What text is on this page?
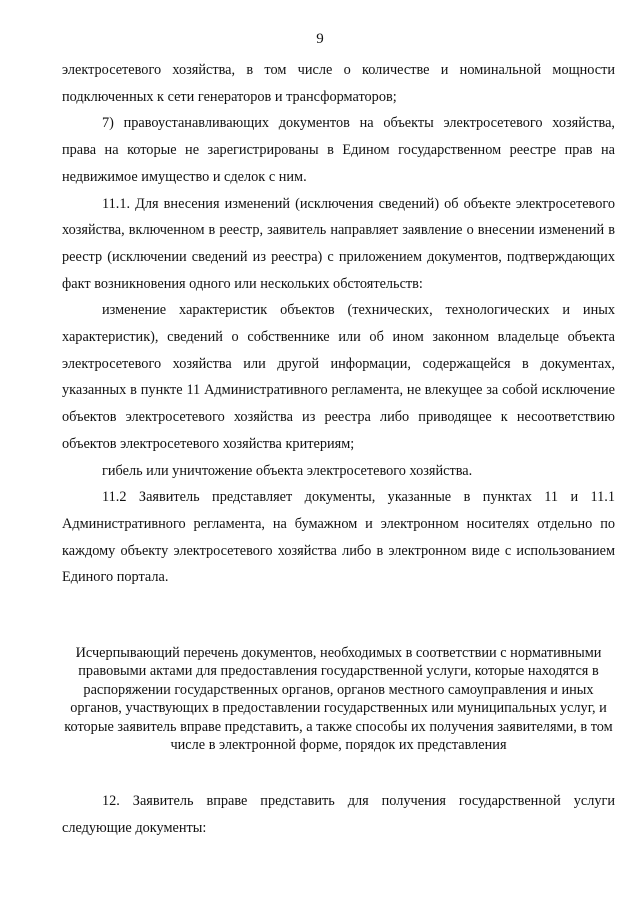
9

электросетевого хозяйства, в том числе о количестве и номинальной мощности подключенных к сети генераторов и трансформаторов;

7) правоустанавливающих документов на объекты электросетевого хозяйства, права на которые не зарегистрированы в Едином государственном реестре прав на недвижимое имущество и сделок с ним.

11.1. Для внесения изменений (исключения сведений) об объекте электросетевого хозяйства, включенном в реестр, заявитель направляет заявление о внесении изменений в реестр (исключении сведений из реестра) с приложением документов, подтверждающих факт возникновения одного или нескольких обстоятельств:

изменение характеристик объектов (технических, технологических и иных характеристик), сведений о собственнике или об ином законном владельце объекта электросетевого хозяйства или другой информации, содержащейся в документах, указанных в пункте 11 Административного регламента, не влекущее за собой исключение объектов электросетевого хозяйства из реестра либо приводящее к несоответствию объектов электросетевого хозяйства критериям;

гибель или уничтожение объекта электросетевого хозяйства.

11.2 Заявитель представляет документы, указанные в пунктах 11 и 11.1 Административного регламента, на бумажном и электронном носителях отдельно по каждому объекту электросетевого хозяйства либо в электронном виде с использованием Единого портала.

Исчерпывающий перечень документов, необходимых в соответствии с нормативными правовыми актами для предоставления государственной услуги, которые находятся в распоряжении государственных органов, органов местного самоуправления и иных органов, участвующих в предоставлении государственных или муниципальных услуг, и которые заявитель вправе представить, а также способы их получения заявителями, в том числе в электронной форме, порядок их представления

12. Заявитель вправе представить для получения государственной услуги следующие документы:
